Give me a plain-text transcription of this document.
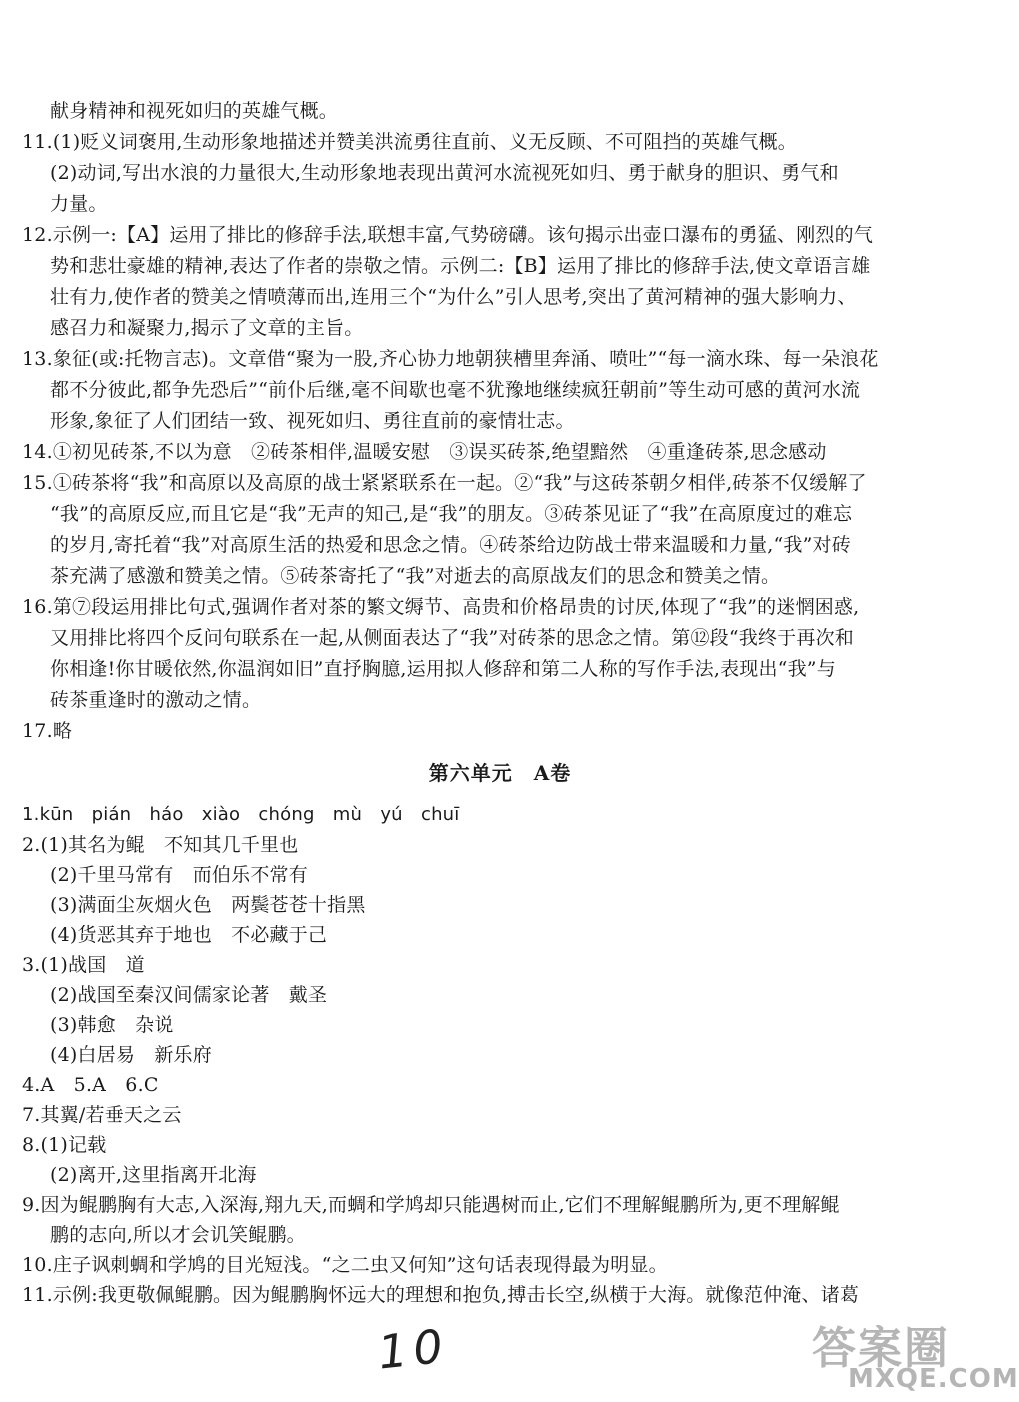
献身精神和视死如归的英雄气概。
11.(1)贬义词褒用,生动形象地描述并赞美洪流勇往直前、义无反顾、不可阻挡的英雄气概。
(2)动词,写出水浪的力量很大,生动形象地表现出黄河水流视死如归、勇于献身的胆识、勇气和
力量。
12.示例一:【A】运用了排比的修辞手法,联想丰富,气势磅礴。该句揭示出壶口瀑布的勇猛、刚烈的气
势和悲壮豪雄的精神,表达了作者的崇敬之情。示例二:【B】运用了排比的修辞手法,使文章语言雄
壮有力,使作者的赞美之情喷薄而出,连用三个“为什么”引人思考,突出了黄河精神的强大影响力、
感召力和凝聚力,揭示了文章的主旨。
13.象征(或:托物言志)。文章借“聚为一股,齐心协力地朝狭槽里奔涌、喷吐”“每一滴水珠、每一朵浪花
都不分彼此,都争先恐后”“前仆后继,毫不间歇也毫不犹豫地继续疯狂朝前”等生动可感的黄河水流
形象,象征了人们团结一致、视死如归、勇往直前的豪情壮志。
14.①初见砖茶,不以为意　②砖茶相伴,温暖安慰　③误买砖茶,绝望黯然　④重逢砖茶,思念感动
15.①砖茶将“我”和高原以及高原的战士紧紧联系在一起。②“我”与这砖茶朝夕相伴,砖茶不仅缓解了
“我”的高原反应,而且它是“我”无声的知己,是“我”的朋友。③砖茶见证了“我”在高原度过的难忘
的岁月,寄托着“我”对高原生活的热爱和思念之情。④砖茶给边防战士带来温暖和力量,“我”对砖
茶充满了感激和赞美之情。⑤砖茶寄托了“我”对逝去的高原战友们的思念和赞美之情。
16.第⑦段运用排比句式,强调作者对茶的繁文缛节、高贵和价格昂贵的讨厌,体现了“我”的迷惘困惑,
又用排比将四个反问句联系在一起,从侧面表达了“我”对砖茶的思念之情。第⑫段“我终于再次和
你相逢!你甘暖依然,你温润如旧”直抒胸臆,运用拟人修辞和第二人称的写作手法,表现出“我”与
砖茶重逢时的激动之情。
17.略
第六单元　A卷
1.kūn　pián　háo　xiào　chóng　mù　yú　chuī
2.(1)其名为鲲　不知其几千里也
(2)千里马常有　而伯乐不常有
(3)满面尘灰烟火色　两鬓苍苍十指黑
(4)货恶其弃于地也　不必藏于己
3.(1)战国　道
(2)战国至秦汉间儒家论著　戴圣
(3)韩愈　杂说
(4)白居易　新乐府
4.A　5.A　6.C
7.其翼/若垂天之云
8.(1)记载
(2)离开,这里指离开北海
9.因为鲲鹏胸有大志,入深海,翔九天,而蜩和学鸠却只能遇树而止,它们不理解鲲鹏所为,更不理解鲲
鹏的志向,所以才会讥笑鲲鹏。
10.庄子讽刺蜩和学鸠的目光短浅。“之二虫又何知”这句话表现得最为明显。
11.示例:我更敬佩鲲鹏。因为鲲鹏胸怀远大的理想和抱负,搏击长空,纵横于大海。就像范仲淹、诸葛
10	答案圈
MXQE.COM
